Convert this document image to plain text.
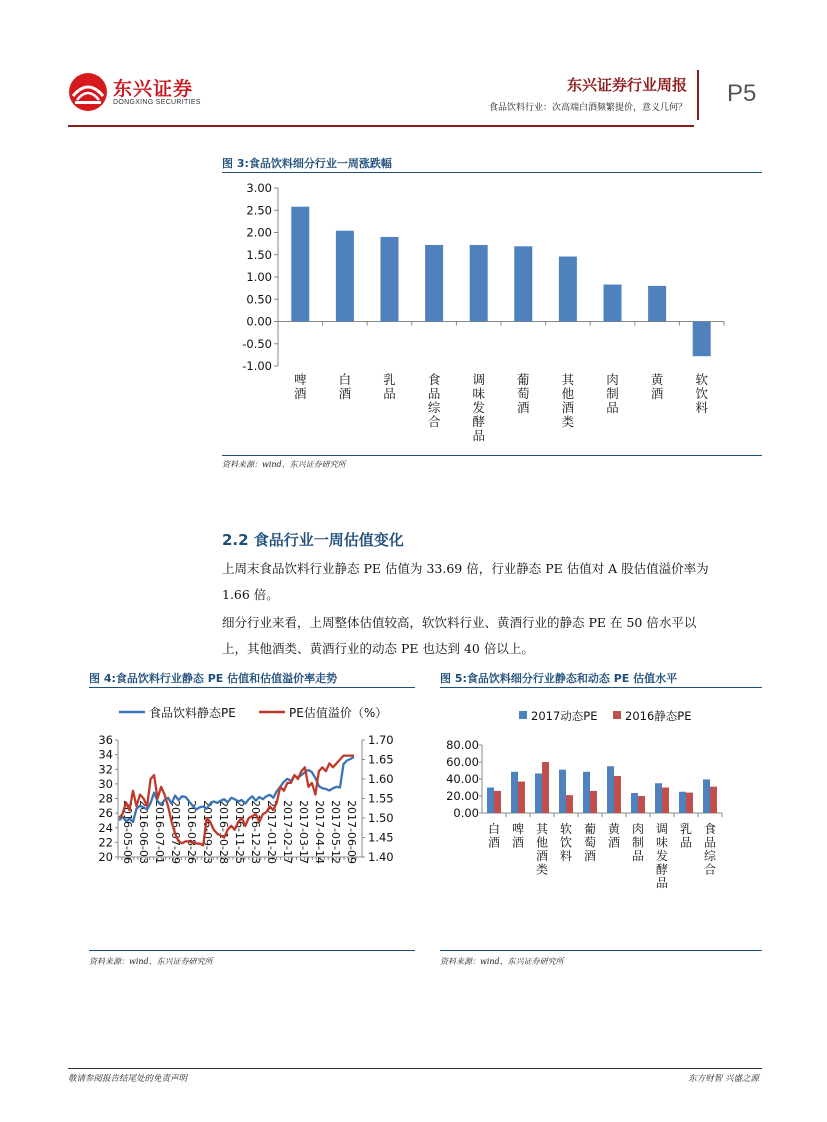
东兴证券
DONGXING SECURITIES
东兴证券行业周报
食品饮料行业：次高端白酒频繁提价，意义几何？
P5
图 3:食品饮料细分行业一周涨跌幅
3.00
2.50
2.00
1.50
1.00
0.50
0.00
-0.50
-1.00
啤酒
白酒
乳品
食品综合
调味发酵品
葡萄酒
其他酒类
肉制品
黄酒
软饮料
资料来源：wind、东兴证券研究所
2.2 食品行业一周估值变化
上周末食品饮料行业静态 PE 估值为 33.69 倍，行业静态 PE 估值对 A 股估值溢价率为
1.66 倍。
细分行业来看，上周整体估值较高，软饮料行业、黄酒行业的静态 PE 在 50 倍水平以
上，其他酒类、黄酒行业的动态 PE 也达到 40 倍以上。
图 4:食品饮料行业静态 PE 估值和估值溢价率走势
食品饮料静态PE	PE估值溢价（%）
36
34
32
30
28
26
24
22
20
1.70
1.65
1.60
1.55
1.50
1.45
1.40
2016-05-06 2016-06-03 2016-07-01 2016-07-29 2016-08-26 2016-09-23 2016-10-28 2016-11-25 2016-12-23 2017-01-20 2017-02-17 2017-03-17 2017-04-14 2017-05-12 2017-06-09
资料来源：wind、东兴证券研究所
图 5:食品饮料细分行业静态和动态 PE 估值水平
2017动态PE 2016静态PE
80.00
60.00
40.00
20.00
0.00
白酒
啤酒
其他酒类
软饮料
葡萄酒
黄酒
肉制品
调味发酵品
乳品
食品综合
资料来源：wind、东兴证券研究所
敬请参阅报告结尾处的免责声明	东方财智 兴盛之源
